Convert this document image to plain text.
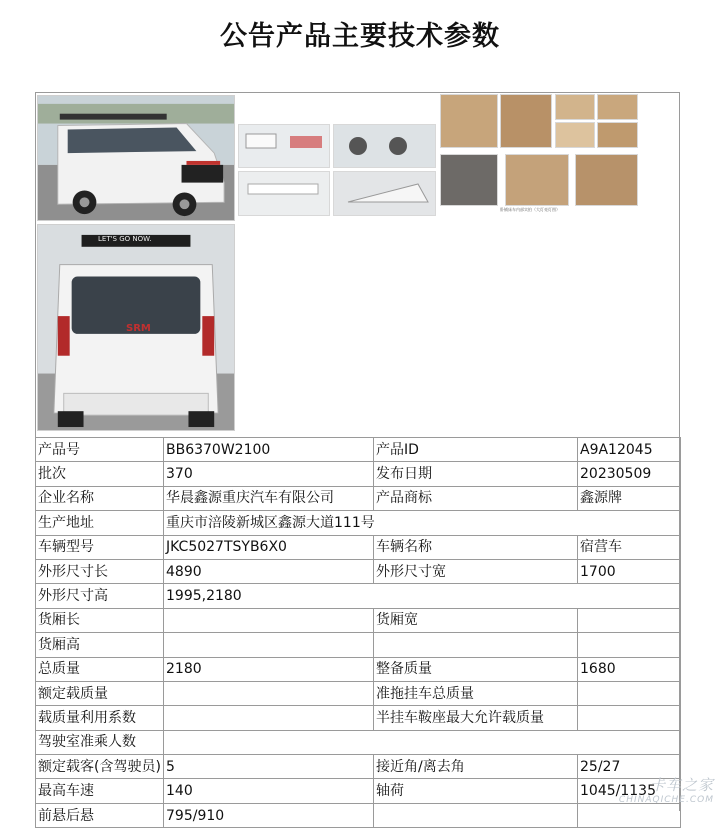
公告产品主要技术参数
LET'S GO NOW.
SRM
卧铺床车内部实拍（大灯亮灯图）
产品号	BB6370W2100	产品ID	A9A12045
批次	370	发布日期	20230509
企业名称	华晨鑫源重庆汽车有限公司	产品商标	鑫源牌
生产地址	重庆市涪陵新城区鑫源大道111号		
车辆型号	JKC5027TSYB6X0	车辆名称	宿营车
外形尺寸长	4890	外形尺寸宽	1700
外形尺寸高	1995,2180		
货厢长		货厢宽	
货厢高			
总质量	2180	整备质量	1680
额定载质量		准拖挂车总质量	
载质量利用系数		半挂车鞍座最大允许载质量	
驾驶室准乘人数			
额定载客(含驾驶员)	5	接近角/离去角	25/27
最高车速	140	轴荷	1045/1135
前悬后悬	795/910		
卡车之家
CHINAQICHE.COM
